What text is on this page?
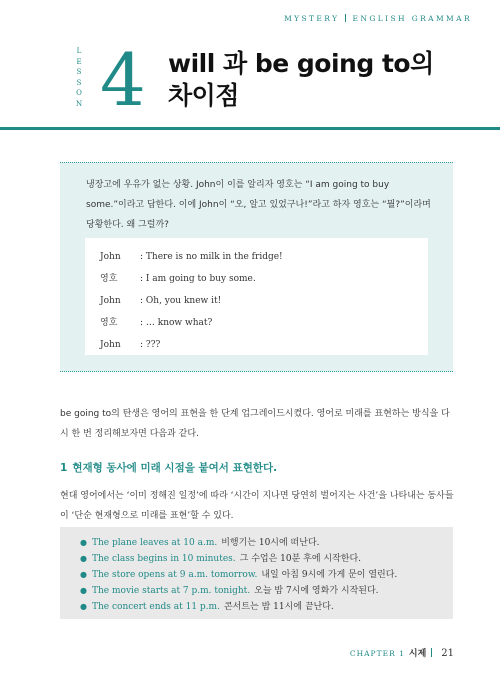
MYSTERY ENGLISH GRAMMAR
L
E
S
S
O
N 4 will 과 be going to의
차이점

냉장고에 우유가 없는 상황. John이 이를 알리자 영호는 “I am going to buy some.”이라고 답한다. 이에 John이 “오, 알고 있었구나!”라고 하자 영호는 “뭘?”이라며 당황한다. 왜 그럴까?

John : There is no milk in the fridge!
영호	: I am going to buy some.
John : Oh, you knew it!
영호	: … know what?
John : ???

be going to의 탄생은 영어의 표현을 한 단계 업그레이드시켰다. 영어로 미래를 표현하는 방식을 다시 한 번 정리해보자면 다음과 같다.

1 현재형 동사에 미래 시점을 붙여서 표현한다.

현대 영어에서는 ‘이미 정해진 일정’에 따라 ‘시간이 지나면 당연히 벌어지는 사건’을 나타내는 동사들이 ‘단순 현재형으로 미래를 표현’할 수 있다.

● The plane leaves at 10 a.m. 비행기는 10시에 떠난다.
● The class begins in 10 minutes. 그 수업은 10분 후에 시작한다.
● The store opens at 9 a.m. tomorrow. 내일 아침 9시에 가게 문이 열린다.
● The movie starts at 7 p.m. tonight. 오늘 밤 7시에 영화가 시작된다.
● The concert ends at 11 p.m. 콘서트는 밤 11시에 끝난다.
CHAPTER 1 시제 21
